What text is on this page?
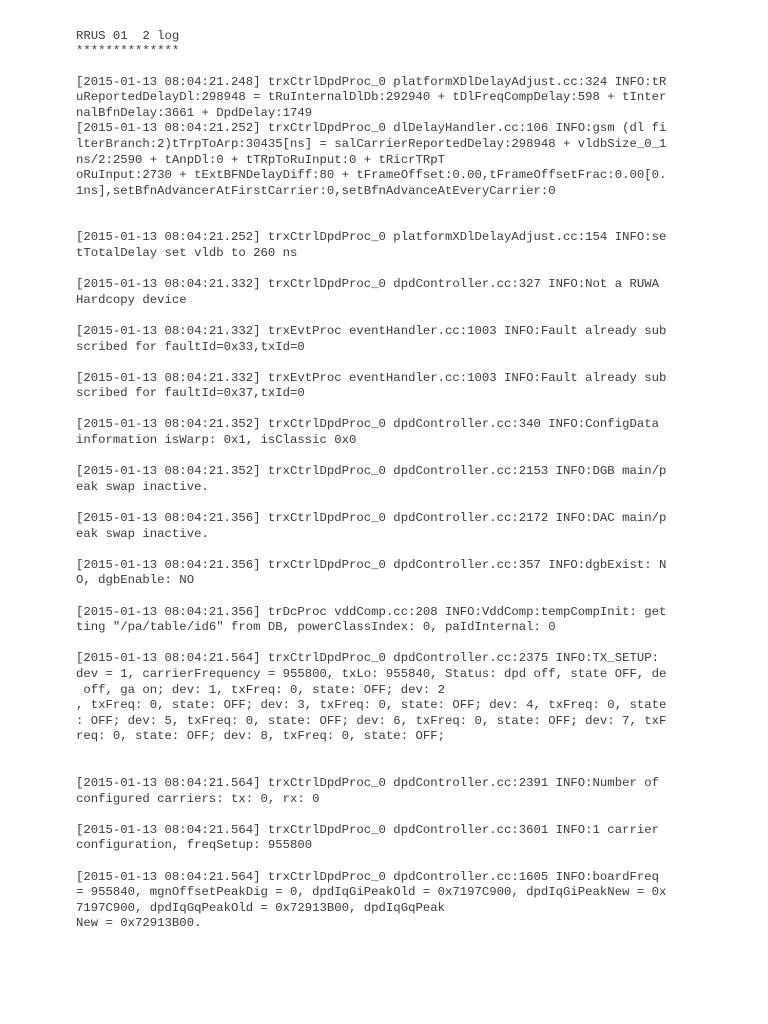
RRUS 01  2 log
**************
[2015-01-13 08:04:21.248] trxCtrlDpdProc_0 platformXDlDelayAdjust.cc:324 INFO:tR
uReportedDelayDl:298948 = tRuInternalDlDb:292940 + tDlFreqCompDelay:598 + tInter
nalBfnDelay:3661 + DpdDelay:1749
[2015-01-13 08:04:21.252] trxCtrlDpdProc_0 dlDelayHandler.cc:106 INFO:gsm (dl fi
lterBranch:2)tTrpToArp:30435[ns] = salCarrierReportedDelay:298948 + vldbSize_0_1
ns/2:2590 + tAnpDl:0 + tTRpToRuInput:0 + tRicrTRpT
oRuInput:2730 + tExtBFNDelayDiff:80 + tFrameOffset:0.00,tFrameOffsetFrac:0.00[0.
1ns],setBfnAdvancerAtFirstCarrier:0,setBfnAdvanceAtEveryCarrier:0
[2015-01-13 08:04:21.252] trxCtrlDpdProc_0 platformXDlDelayAdjust.cc:154 INFO:se
tTotalDelay set vldb to 260 ns
[2015-01-13 08:04:21.332] trxCtrlDpdProc_0 dpdController.cc:327 INFO:Not a RUWA
Hardcopy device
[2015-01-13 08:04:21.332] trxEvtProc eventHandler.cc:1003 INFO:Fault already sub
scribed for faultId=0x33,txId=0
[2015-01-13 08:04:21.332] trxEvtProc eventHandler.cc:1003 INFO:Fault already sub
scribed for faultId=0x37,txId=0
[2015-01-13 08:04:21.352] trxCtrlDpdProc_0 dpdController.cc:340 INFO:ConfigData
information isWarp: 0x1, isClassic 0x0
[2015-01-13 08:04:21.352] trxCtrlDpdProc_0 dpdController.cc:2153 INFO:DGB main/p
eak swap inactive.
[2015-01-13 08:04:21.356] trxCtrlDpdProc_0 dpdController.cc:2172 INFO:DAC main/p
eak swap inactive.
[2015-01-13 08:04:21.356] trxCtrlDpdProc_0 dpdController.cc:357 INFO:dgbExist: N
O, dgbEnable: NO
[2015-01-13 08:04:21.356] trDcProc vddComp.cc:208 INFO:VddComp:tempCompInit: get
ting "/pa/table/id6" from DB, powerClassIndex: 0, paIdInternal: 0
[2015-01-13 08:04:21.564] trxCtrlDpdProc_0 dpdController.cc:2375 INFO:TX_SETUP:
dev = 1, carrierFrequency = 955800, txLo: 955840, Status: dpd off, state OFF, de
off, ga on; dev: 1, txFreq: 0, state: OFF; dev: 2
, txFreq: 0, state: OFF; dev: 3, txFreq: 0, state: OFF; dev: 4, txFreq: 0, state
: OFF; dev: 5, txFreq: 0, state: OFF; dev: 6, txFreq: 0, state: OFF; dev: 7, txF
req: 0, state: OFF; dev: 8, txFreq: 0, state: OFF;
[2015-01-13 08:04:21.564] trxCtrlDpdProc_0 dpdController.cc:2391 INFO:Number of
configured carriers: tx: 0, rx: 0
[2015-01-13 08:04:21.564] trxCtrlDpdProc_0 dpdController.cc:3601 INFO:1 carrier
configuration, freqSetup: 955800
[2015-01-13 08:04:21.564] trxCtrlDpdProc_0 dpdController.cc:1605 INFO:boardFreq
= 955840, mgnOffsetPeakDig = 0, dpdIqGiPeakOld = 0x7197C900, dpdIqGiPeakNew = 0x
7197C900, dpdIqGqPeakOld = 0x72913B00, dpdIqGqPeak
New = 0x72913B00.
